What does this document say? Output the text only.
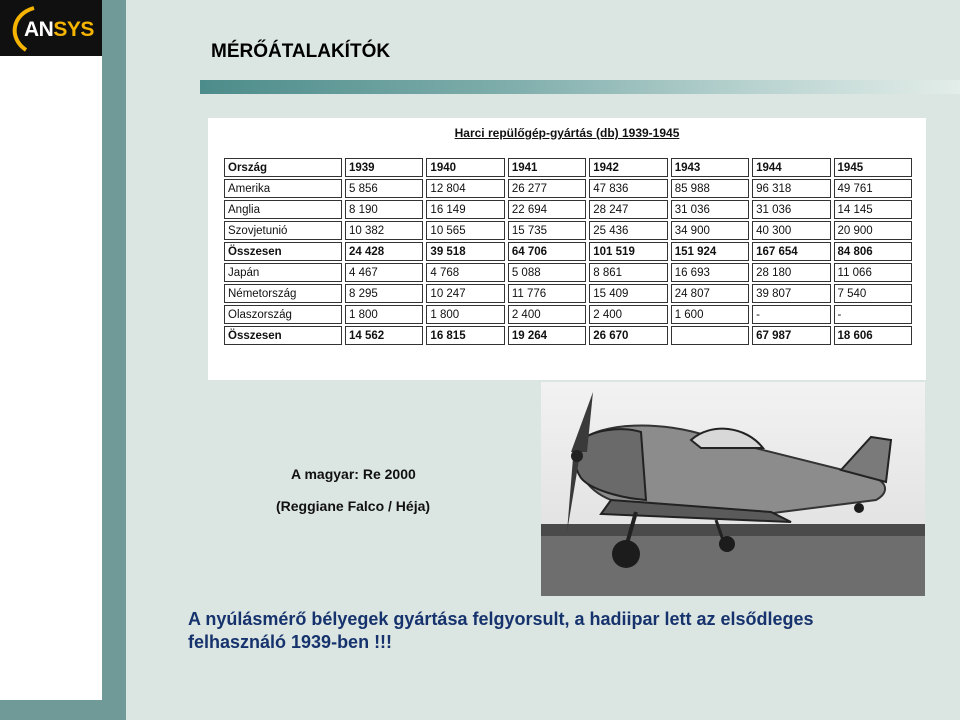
ANSYS
MÉRŐÁTALAKÍTÓK

Harci repülőgép-gyártás (db) 1939-1945

Ország	1939	1940	1941	1942	1943	1944	1945
Amerika	5 856	12 804	26 277	47 836	85 988	96 318	49 761
Anglia	8 190	16 149	22 694	28 247	31 036	31 036	14 145
Szovjetunió	10 382	10 565	15 735	25 436	34 900	40 300	20 900
Összesen	24 428	39 518	64 706	101 519	151 924	167 654	84 806
Japán	4 467	4 768	5 088	8 861	16 693	28 180	11 066
Németország	8 295	10 247	11 776	15 409	24 807	39 807	7 540
Olaszország	1 800	1 800	2 400	2 400	1 600	-	-
Összesen	14 562	16 815	19 264	26 670		67 987	18 606

A magyar: Re 2000

(Reggiane Falco / Héja)

A nyúlásmérő bélyegek gyártása felgyorsult, a hadiipar lett az elsődleges felhasználó 1939-ben !!!
